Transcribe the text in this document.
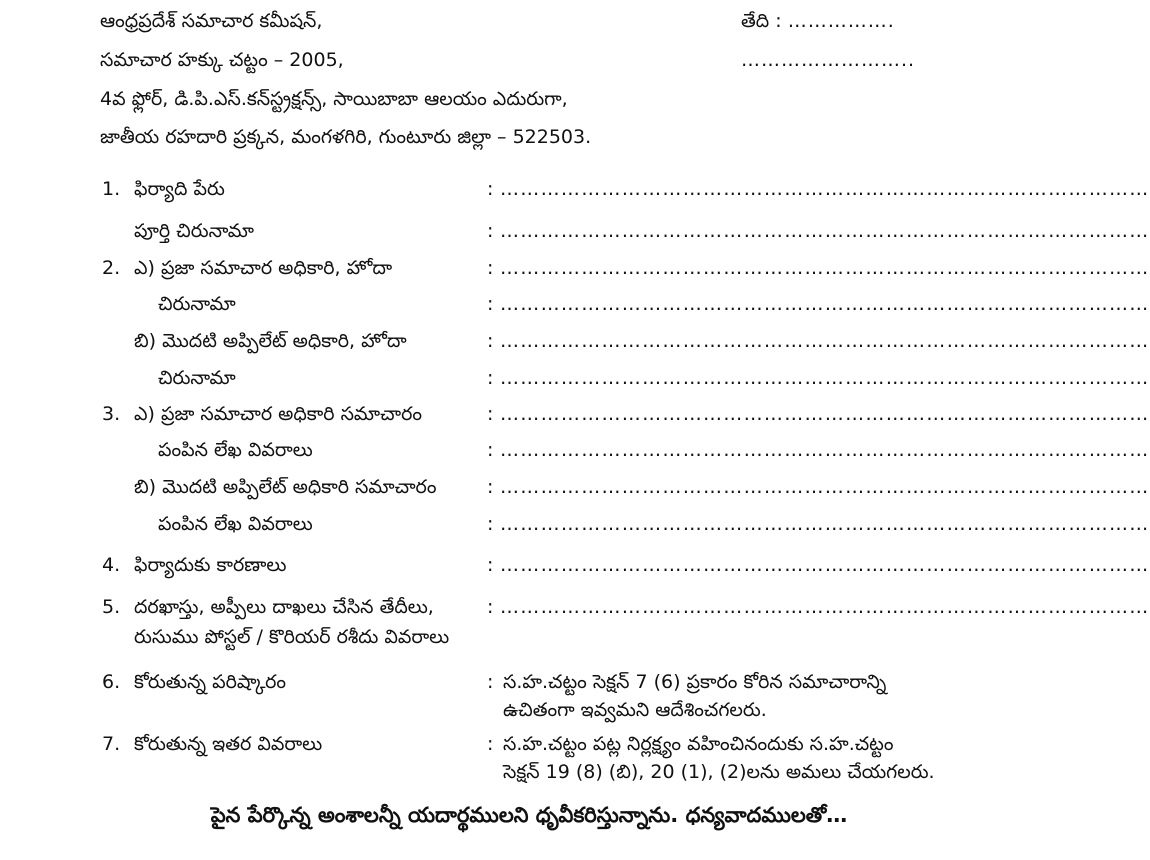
ఆంధ్రప్రదేశ్ సమాచార కమీషన్,
సమాచార హక్కు చట్టం – 2005,
4వ ఫ్లోర్, డి.పి.ఎస్.కన్‌స్ట్రక్షన్స్, సాయిబాబా ఆలయం ఎదురుగా,
జాతీయ రహదారి ప్రక్కన, మంగళగిరి, గుంటూరు జిల్లా – 522503.
తేది : …………….
……………………..
1. ఫిర్యాది పేరు	: ……………………………………………………………………………………
పూర్తి చిరునామా	: ……………………………………………………………………………………
2. ఎ) ప్రజా సమాచార అధికారి, హోదా	: ……………………………………………………………………………………
చిరునామా	: ……………………………………………………………………………………
బి) మొదటి అప్పిలేట్ అధికారి, హోదా	: ……………………………………………………………………………………
చిరునామా	: ……………………………………………………………………………………
3. ఎ) ప్రజా సమాచార అధికారి సమాచారం	: ……………………………………………………………………………………
పంపిన లేఖ వివరాలు	: ……………………………………………………………………………………
బి) మొదటి అప్పిలేట్ అధికారి సమాచారం	: ……………………………………………………………………………………
పంపిన లేఖ వివరాలు	: ……………………………………………………………………………………
4. ఫిర్యాదుకు కారణాలు	: ……………………………………………………………………………………
5. దరఖాస్తు, అప్పీలు దాఖలు చేసిన తేదీలు,	: ……………………………………………………………………………………
రుసుము పోస్టల్ / కొరియర్ రశీదు వివరాలు
6. కోరుతున్న పరిష్కారం	: స.హ.చట్టం సెక్షన్ 7 (6) ప్రకారం కోరిన సమాచారాన్ని
ఉచితంగా ఇవ్వమని ఆదేశించగలరు.
7. కోరుతున్న ఇతర వివరాలు	: స.హ.చట్టం పట్ల నిర్లక్ష్యం వహించినందుకు స.హ.చట్టం
సెక్షన్ 19 (8) (బి), 20 (1), (2)లను అమలు చేయగలరు.
పైన పేర్కొన్న అంశాలన్నీ యదార్థములని ధృవీకరిస్తున్నాను. ధన్యవాదములతో…
